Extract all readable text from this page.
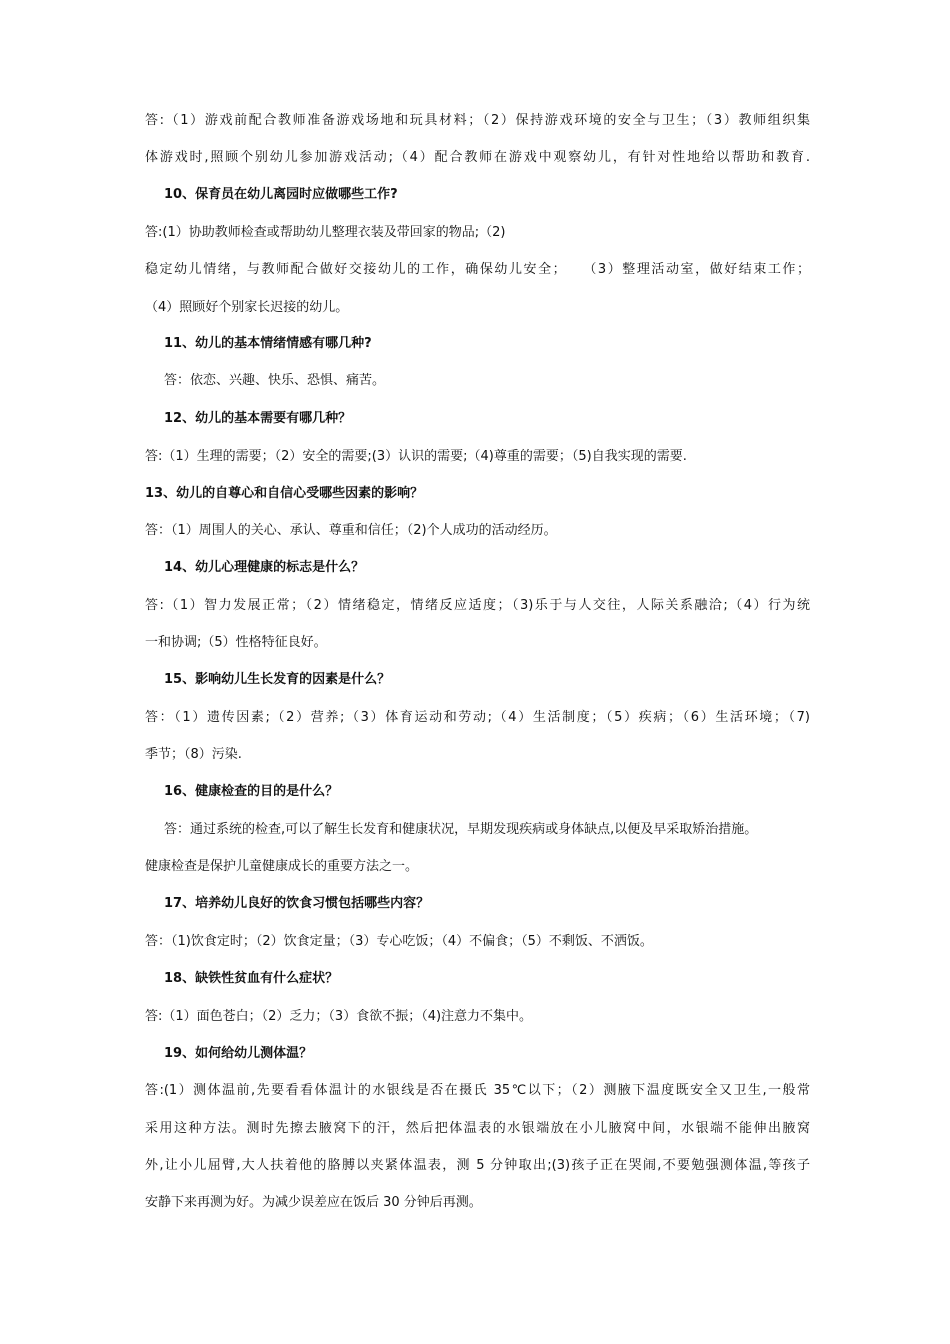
答:（1）游戏前配合教师准备游戏场地和玩具材料；（2）保持游戏环境的安全与卫生；（3）教师组织集
体游戏时,照顾个别幼儿参加游戏活动;（4）配合教师在游戏中观察幼儿，有针对性地给以帮助和教育.
10、保育员在幼儿离园时应做哪些工作?
答:(1）协助教师检查或帮助幼儿整理衣装及带回家的物品;（2)
稳定幼儿情绪，与教师配合做好交接幼儿的工作，确保幼儿安全；　　（3）整理活动室，做好结束工作；
（4）照顾好个别家长迟接的幼儿。
11、幼儿的基本情绪情感有哪几种?
答：依恋、兴趣、快乐、恐惧、痛苦。
12、幼儿的基本需要有哪几种？
答:（1）生理的需要；（2）安全的需要;(3）认识的需要;（4)尊重的需要；（5)自我实现的需要.
13、幼儿的自尊心和自信心受哪些因素的影响？
答：（1）周围人的关心、承认、尊重和信任；（2)个人成功的活动经历。
14、幼儿心理健康的标志是什么？
答:（1）智力发展正常；（2）情绪稳定，情绪反应适度；（3)乐于与人交往，人际关系融洽;（4）行为统
一和协调;（5）性格特征良好。
15、影响幼儿生长发育的因素是什么？
答：（1）遗传因素;（2）营养;（3）体育运动和劳动;（4）生活制度；（5）疾病；（6）生活环境；（7)
季节；（8）污染.
16、健康检查的目的是什么？
答：通过系统的检查,可以了解生长发育和健康状况，早期发现疾病或身体缺点,以便及早采取矫治措施。
健康检查是保护儿童健康成长的重要方法之一。
17、培养幼儿良好的饮食习惯包括哪些内容？
答：（1)饮食定时；（2）饮食定量；（3）专心吃饭；（4）不偏食；（5）不剩饭、不洒饭。
18、缺铁性贫血有什么症状？
答:（1）面色苍白；（2）乏力；（3）食欲不振；（4)注意力不集中。
19、如何给幼儿测体温？
答:(1）测体温前,先要看看体温计的水银线是否在摄氏 35℃以下；（2）测腋下温度既安全又卫生,一般常
采用这种方法。测时先擦去腋窝下的汗，然后把体温表的水银端放在小儿腋窝中间，水银端不能伸出腋窝
外,让小儿屈臂,大人扶着他的胳膊以夹紧体温表，测 5 分钟取出;(3)孩子正在哭闹,不要勉强测体温,等孩子
安静下来再测为好。为减少误差应在饭后 30 分钟后再测。
